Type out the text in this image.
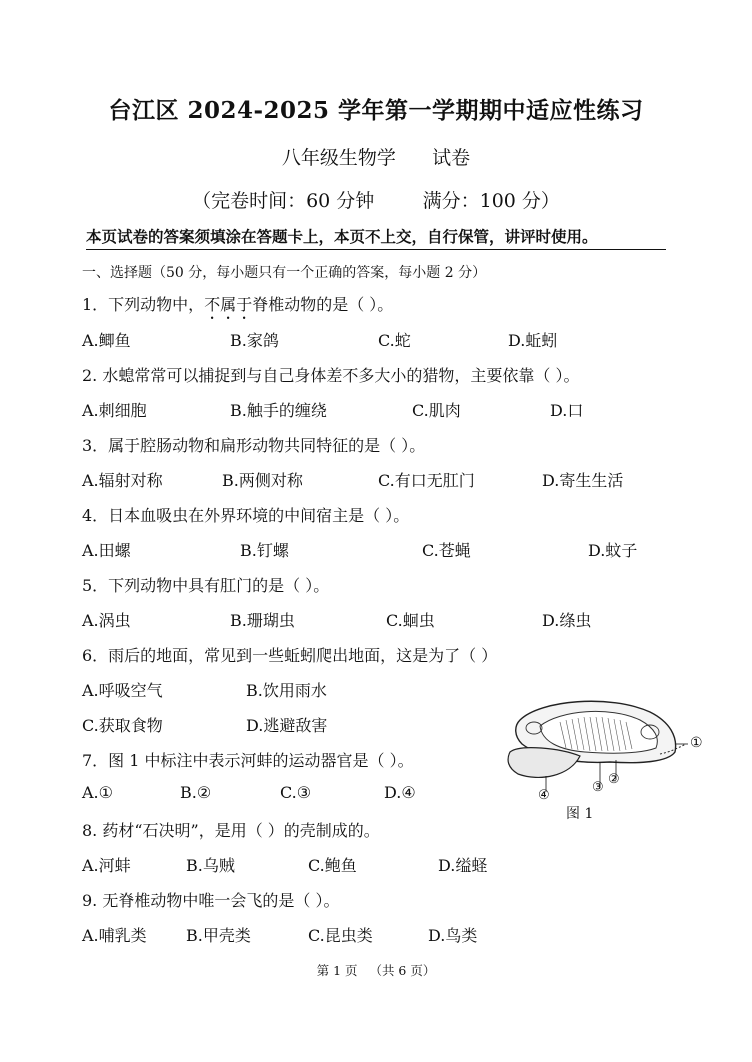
台江区 2024-2025 学年第一学期期中适应性练习
八年级生物学      试卷
（完卷时间：60 分钟        满分：100 分）
本页试卷的答案须填涂在答题卡上，本页不上交，自行保管，讲评时使用。
一、选择题（50 分，每小题只有一个正确的答案，每小题 2 分）
1．下列动物中，不属于脊椎动物的是（ ）。
A.鲫鱼	B.家鸽	C.蛇	D.蚯蚓
2. 水螅常常可以捕捉到与自己身体差不多大小的猎物，主要依靠（ ）。
A.刺细胞	B.触手的缠绕	C.肌肉	D.口
3．属于腔肠动物和扁形动物共同特征的是（ ）。
A.辐射对称	B.两侧对称	C.有口无肛门	D.寄生生活
4．日本血吸虫在外界环境的中间宿主是（ ）。
A.田螺	B.钉螺	C.苍蝇	D.蚊子
5．下列动物中具有肛门的是（ ）。
A.涡虫	B.珊瑚虫	C.蛔虫	D.绦虫
6．雨后的地面，常见到一些蚯蚓爬出地面，这是为了（ ）
A.呼吸空气	B.饮用雨水
C.获取食物	D.逃避敌害
7．图 1 中标注中表示河蚌的运动器官是（ ）。
A.①	B.②	C.③	D.④
8. 药材“石决明”，是用（ ）的壳制成的。
A.河蚌	B.乌贼	C.鲍鱼	D.缢蛏
9. 无脊椎动物中唯一会飞的是（ ）。
A.哺乳类 B.甲壳类	C.昆虫类	D.鸟类
①
②
③
④
图 1
第 1 页   （共 6 页）
